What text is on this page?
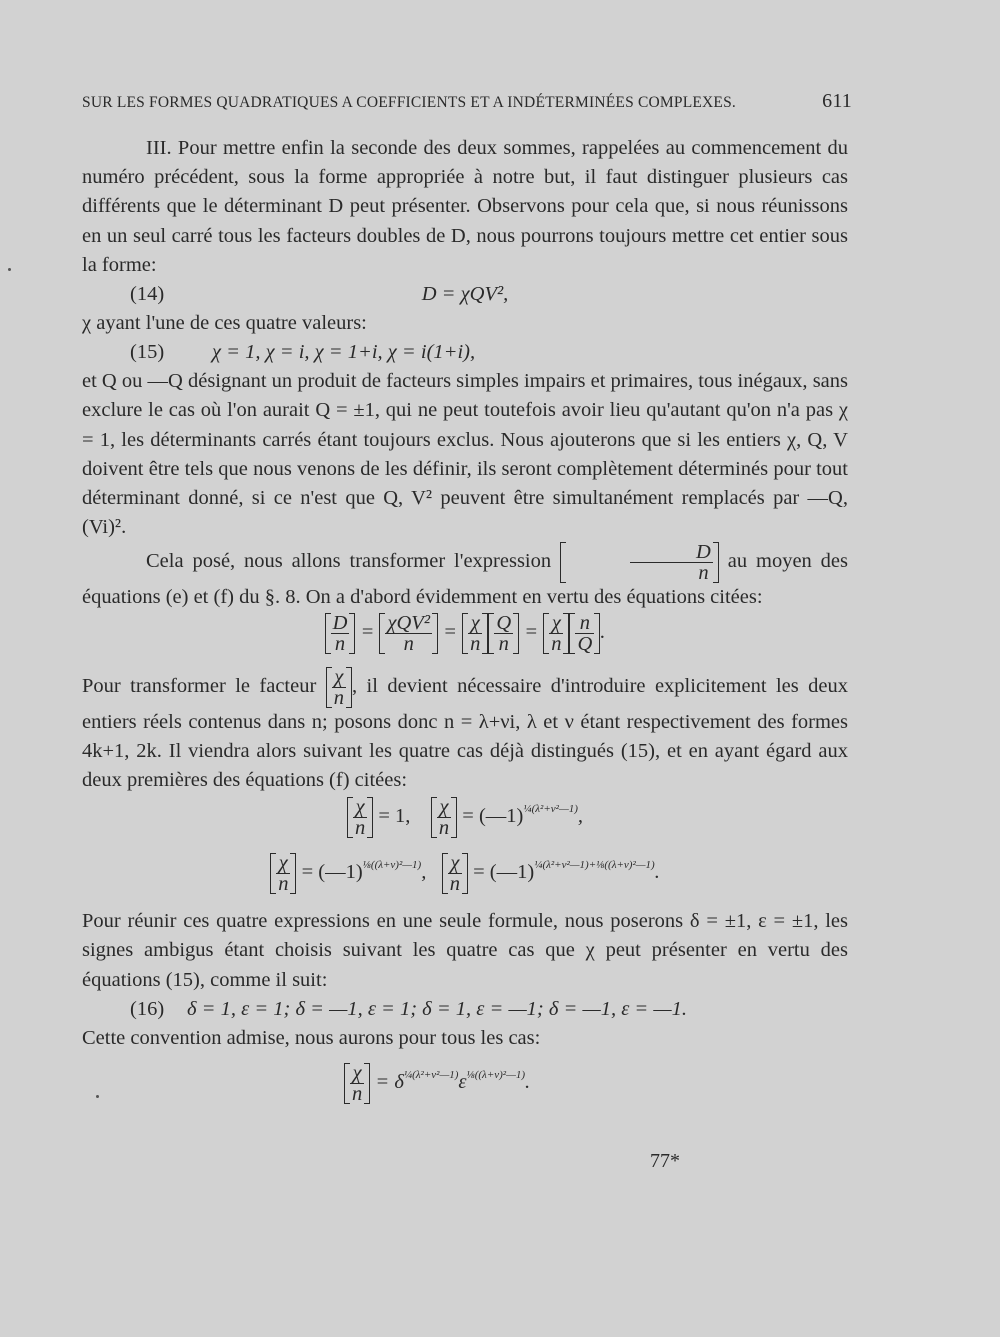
SUR LES FORMES QUADRATIQUES A COEFFICIENTS ET A INDÉTERMINÉES COMPLEXES.	611

III. Pour mettre enfin la seconde des deux sommes, rappelées au commencement du numéro précédent, sous la forme appropriée à notre but, il faut distinguer plusieurs cas différents que le déterminant D peut présenter. Observons pour cela que, si nous réunissons en un seul carré tous les facteurs doubles de D, nous pourrons toujours mettre cet entier sous la forme:

(14)	D = χQV²,

χ ayant l'une de ces quatre valeurs:

(15) χ = 1, χ = i, χ = 1+i, χ = i(1+i),

et Q ou —Q désignant un produit de facteurs simples impairs et primaires, tous inégaux, sans exclure le cas où l'on aurait Q = ±1, qui ne peut toutefois avoir lieu qu'autant qu'on n'a pas χ = 1, les déterminants carrés étant toujours exclus. Nous ajouterons que si les entiers χ, Q, V doivent être tels que nous venons de les définir, ils seront complètement déterminés pour tout déterminant donné, si ce n'est que Q, V² peuvent être simultanément remplacés par —Q, (Vi)².

Cela posé, nous allons transformer l'expression	$\frac{D}{n}$ au moyen des équations (e) et (f) du §. 8. On a d'abord évidemment en vertu des équations citées:

$\frac{D}{n} = \chi QV^2$
n
= $\frac{\chi}{n} \frac{Q}{n} = \frac{\chi}{n} \frac{n}{Q}$ .

Pour transformer le facteur $\frac{\chi}{n}$ , il devient nécessaire d'introduire explicitement les deux entiers réels contenus dans n; posons donc n = λ+νi, λ et ν étant respectivement des formes 4k+1, 2k. Il viendra alors suivant les quatre cas déjà distingués (15), et en ayant égard aux deux premières des équations (f) citées:

$\frac{\chi}{n} = 1$, $\frac{\chi}{n}$ = (—1)$^{\frac{1}{4}(\lambda^2+\nu^2—1)}$,
$\frac{\chi}{n}$ = (—1)$^{\frac{1}{8}((\lambda+\nu)^2—1)}$, $\frac{\chi}{n}$ = (—1)$^{\frac{1}{4}(\lambda^2+\nu^2—1)+\frac{1}{8}((\lambda+\nu)^2—1)}$.

Pour réunir ces quatre expressions en une seule formule, nous poserons δ = ±1, ε = ±1, les signes ambigus étant choisis suivant les quatre cas que χ peut présenter en vertu des équations (15), comme il suit:

(16) δ = 1, ε = 1; δ = —1, ε = 1; δ = 1, ε = —1; δ = —1, ε = —1.

Cette convention admise, nous aurons pour tous les cas:

$\frac{\chi}{n} = \delta^{\frac{1}{4}(\lambda^2+\nu^2—1)}\varepsilon^{\frac{1}{8}((\lambda+\nu)^2—1)}$.
77*
